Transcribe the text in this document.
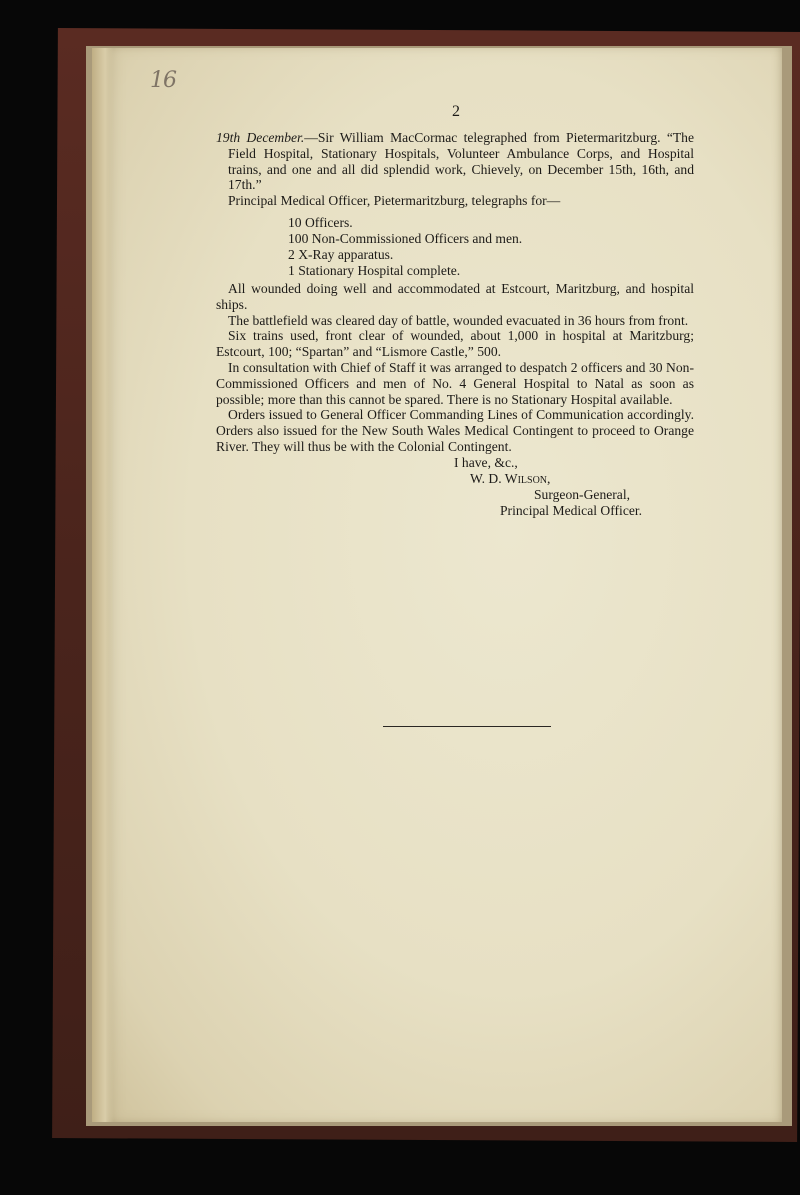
16
2

19th December.—Sir William MacCormac telegraphed from Pietermaritzburg. “The Field Hospital, Stationary Hospitals, Volunteer Ambulance Corps, and Hospital trains, and one and all did splendid work, Chievely, on December 15th, 16th, and 17th.”

Principal Medical Officer, Pietermaritzburg, telegraphs for—

10 Officers.
100 Non-Commissioned Officers and men.
2 X-Ray apparatus.
1 Stationary Hospital complete.

All wounded doing well and accommodated at Estcourt, Maritzburg, and hospital ships.

The battlefield was cleared day of battle, wounded evacuated in 36 hours from front.

Six trains used, front clear of wounded, about 1,000 in hospital at Maritzburg; Estcourt, 100; “Spartan” and “Lismore Castle,” 500.

In consultation with Chief of Staff it was arranged to despatch 2 officers and 30 Non-Commissioned Officers and men of No. 4 General Hospital to Natal as soon as possible; more than this cannot be spared. There is no Stationary Hospital available.

Orders issued to General Officer Commanding Lines of Communication accordingly. Orders also issued for the New South Wales Medical Contingent to proceed to Orange River. They will thus be with the Colonial Contingent.

I have, &c.,
W. D. Wilson,
Surgeon-General,
Principal Medical Officer.
